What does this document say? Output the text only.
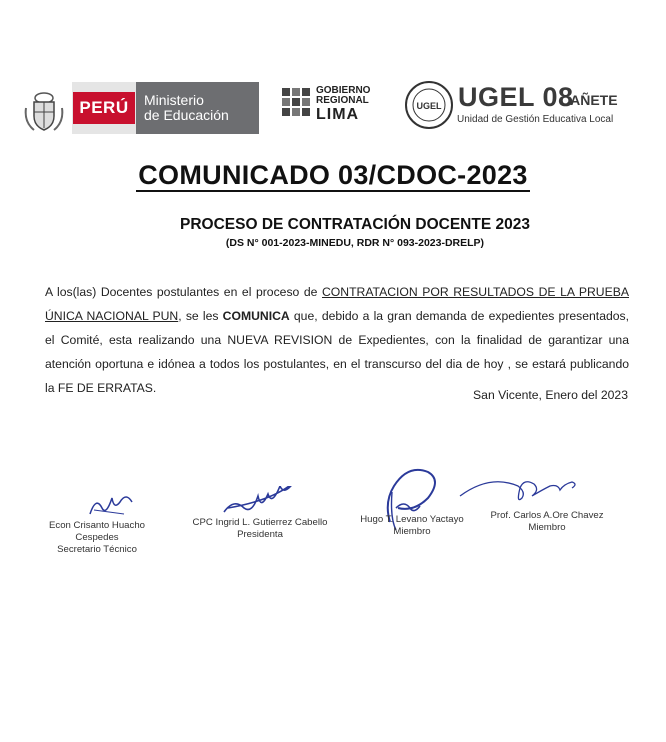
PERÚ	Ministerio
de Educación
GOBIERNO
REGIONAL
LIMA	UGEL UGEL 08
CAÑETE
Unidad de Gestión Educativa Local
COMUNICADO 03/CDOC-2023
PROCESO DE CONTRATACIÓN DOCENTE 2023
(DS N° 001-2023-MINEDU, RDR N° 093-2023-DRELP)
A los(las) Docentes postulantes en el proceso de CONTRATACION POR RESULTADOS DE LA PRUEBA ÚNICA NACIONAL PUN, se les COMUNICA que, debido a la gran demanda de expedientes presentados, el Comité, esta realizando una NUEVA REVISION de Expedientes, con la finalidad de garantizar una atención oportuna e idónea a todos los postulantes, en el transcurso del dia de hoy , se estará publicando la FE DE ERRATAS.	San Vicente, Enero del 2023
Econ Crisanto Huacho Cespedes
Secretario Técnico
CPC Ingrid L. Gutierrez Cabello
Presidenta
Hugo T. Levano Yactayo
Miembro
Prof. Carlos A.Ore Chavez
Miembro
